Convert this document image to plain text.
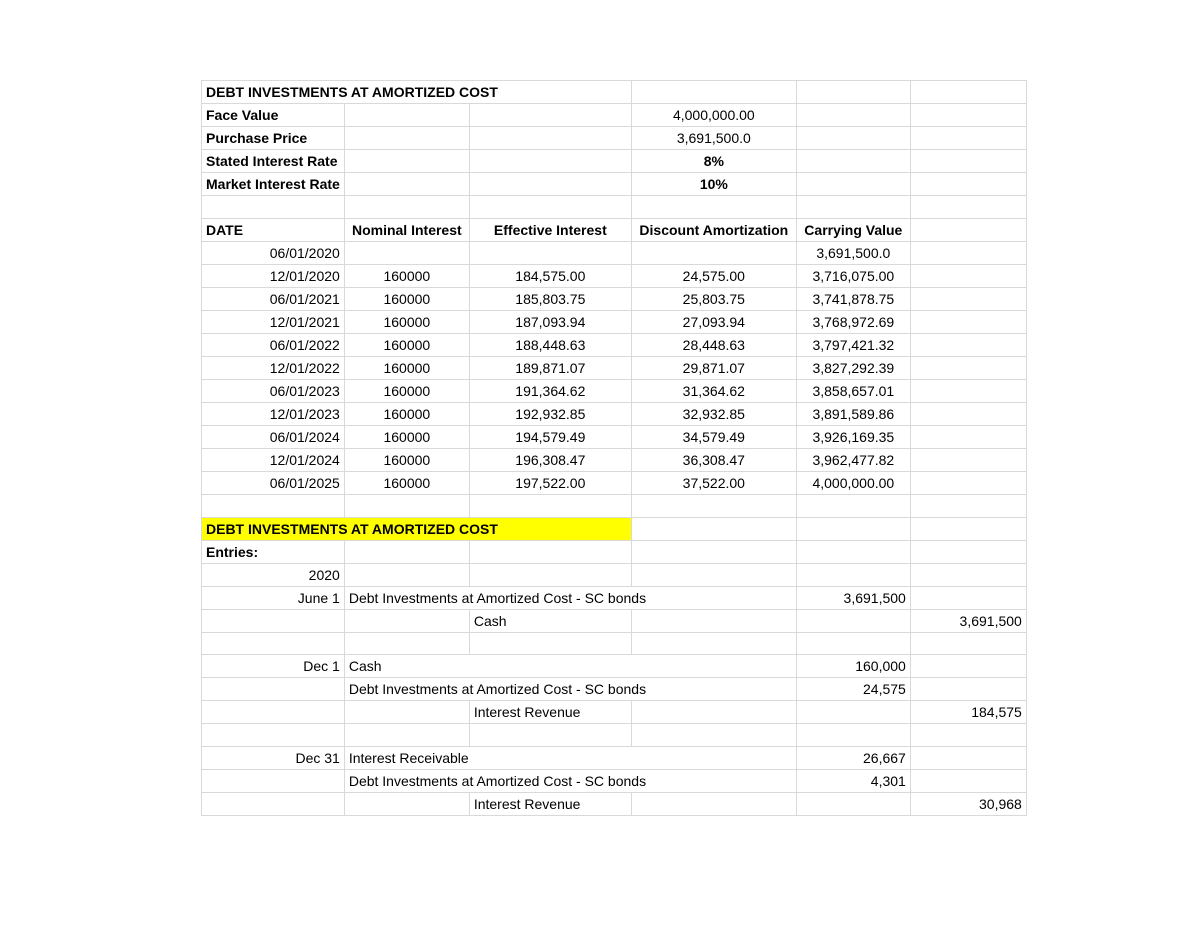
DEBT INVESTMENTS AT AMORTIZED COST					
Face Value			4,000,000.00		
Purchase Price			3,691,500.0		
Stated Interest Rate			8%		
Market Interest Rate			10%		

DATE	Nominal Interest	Effective Interest	Discount Amortization	Carrying Value	
06/01/2020				3,691,500.0	
12/01/2020	160000	184,575.00	24,575.00	3,716,075.00	
06/01/2021	160000	185,803.75	25,803.75	3,741,878.75	
12/01/2021	160000	187,093.94	27,093.94	3,768,972.69	
06/01/2022	160000	188,448.63	28,448.63	3,797,421.32	
12/01/2022	160000	189,871.07	29,871.07	3,827,292.39	
06/01/2023	160000	191,364.62	31,364.62	3,858,657.01	
12/01/2023	160000	192,932.85	32,932.85	3,891,589.86	
06/01/2024	160000	194,579.49	34,579.49	3,926,169.35	
12/01/2024	160000	196,308.47	36,308.47	3,962,477.82	
06/01/2025	160000	197,522.00	37,522.00	4,000,000.00	

DEBT INVESTMENTS AT AMORTIZED COST					
Entries:					
2020					
June 1	Debt Investments at Amortized Cost - SC bonds			3,691,500	
		Cash			3,691,500

Dec 1	Cash			160,000	
	Debt Investments at Amortized Cost - SC bonds			24,575	
		Interest Revenue			184,575

Dec 31	Interest Receivable			26,667	
	Debt Investments at Amortized Cost - SC bonds			4,301	
		Interest Revenue			30,968
